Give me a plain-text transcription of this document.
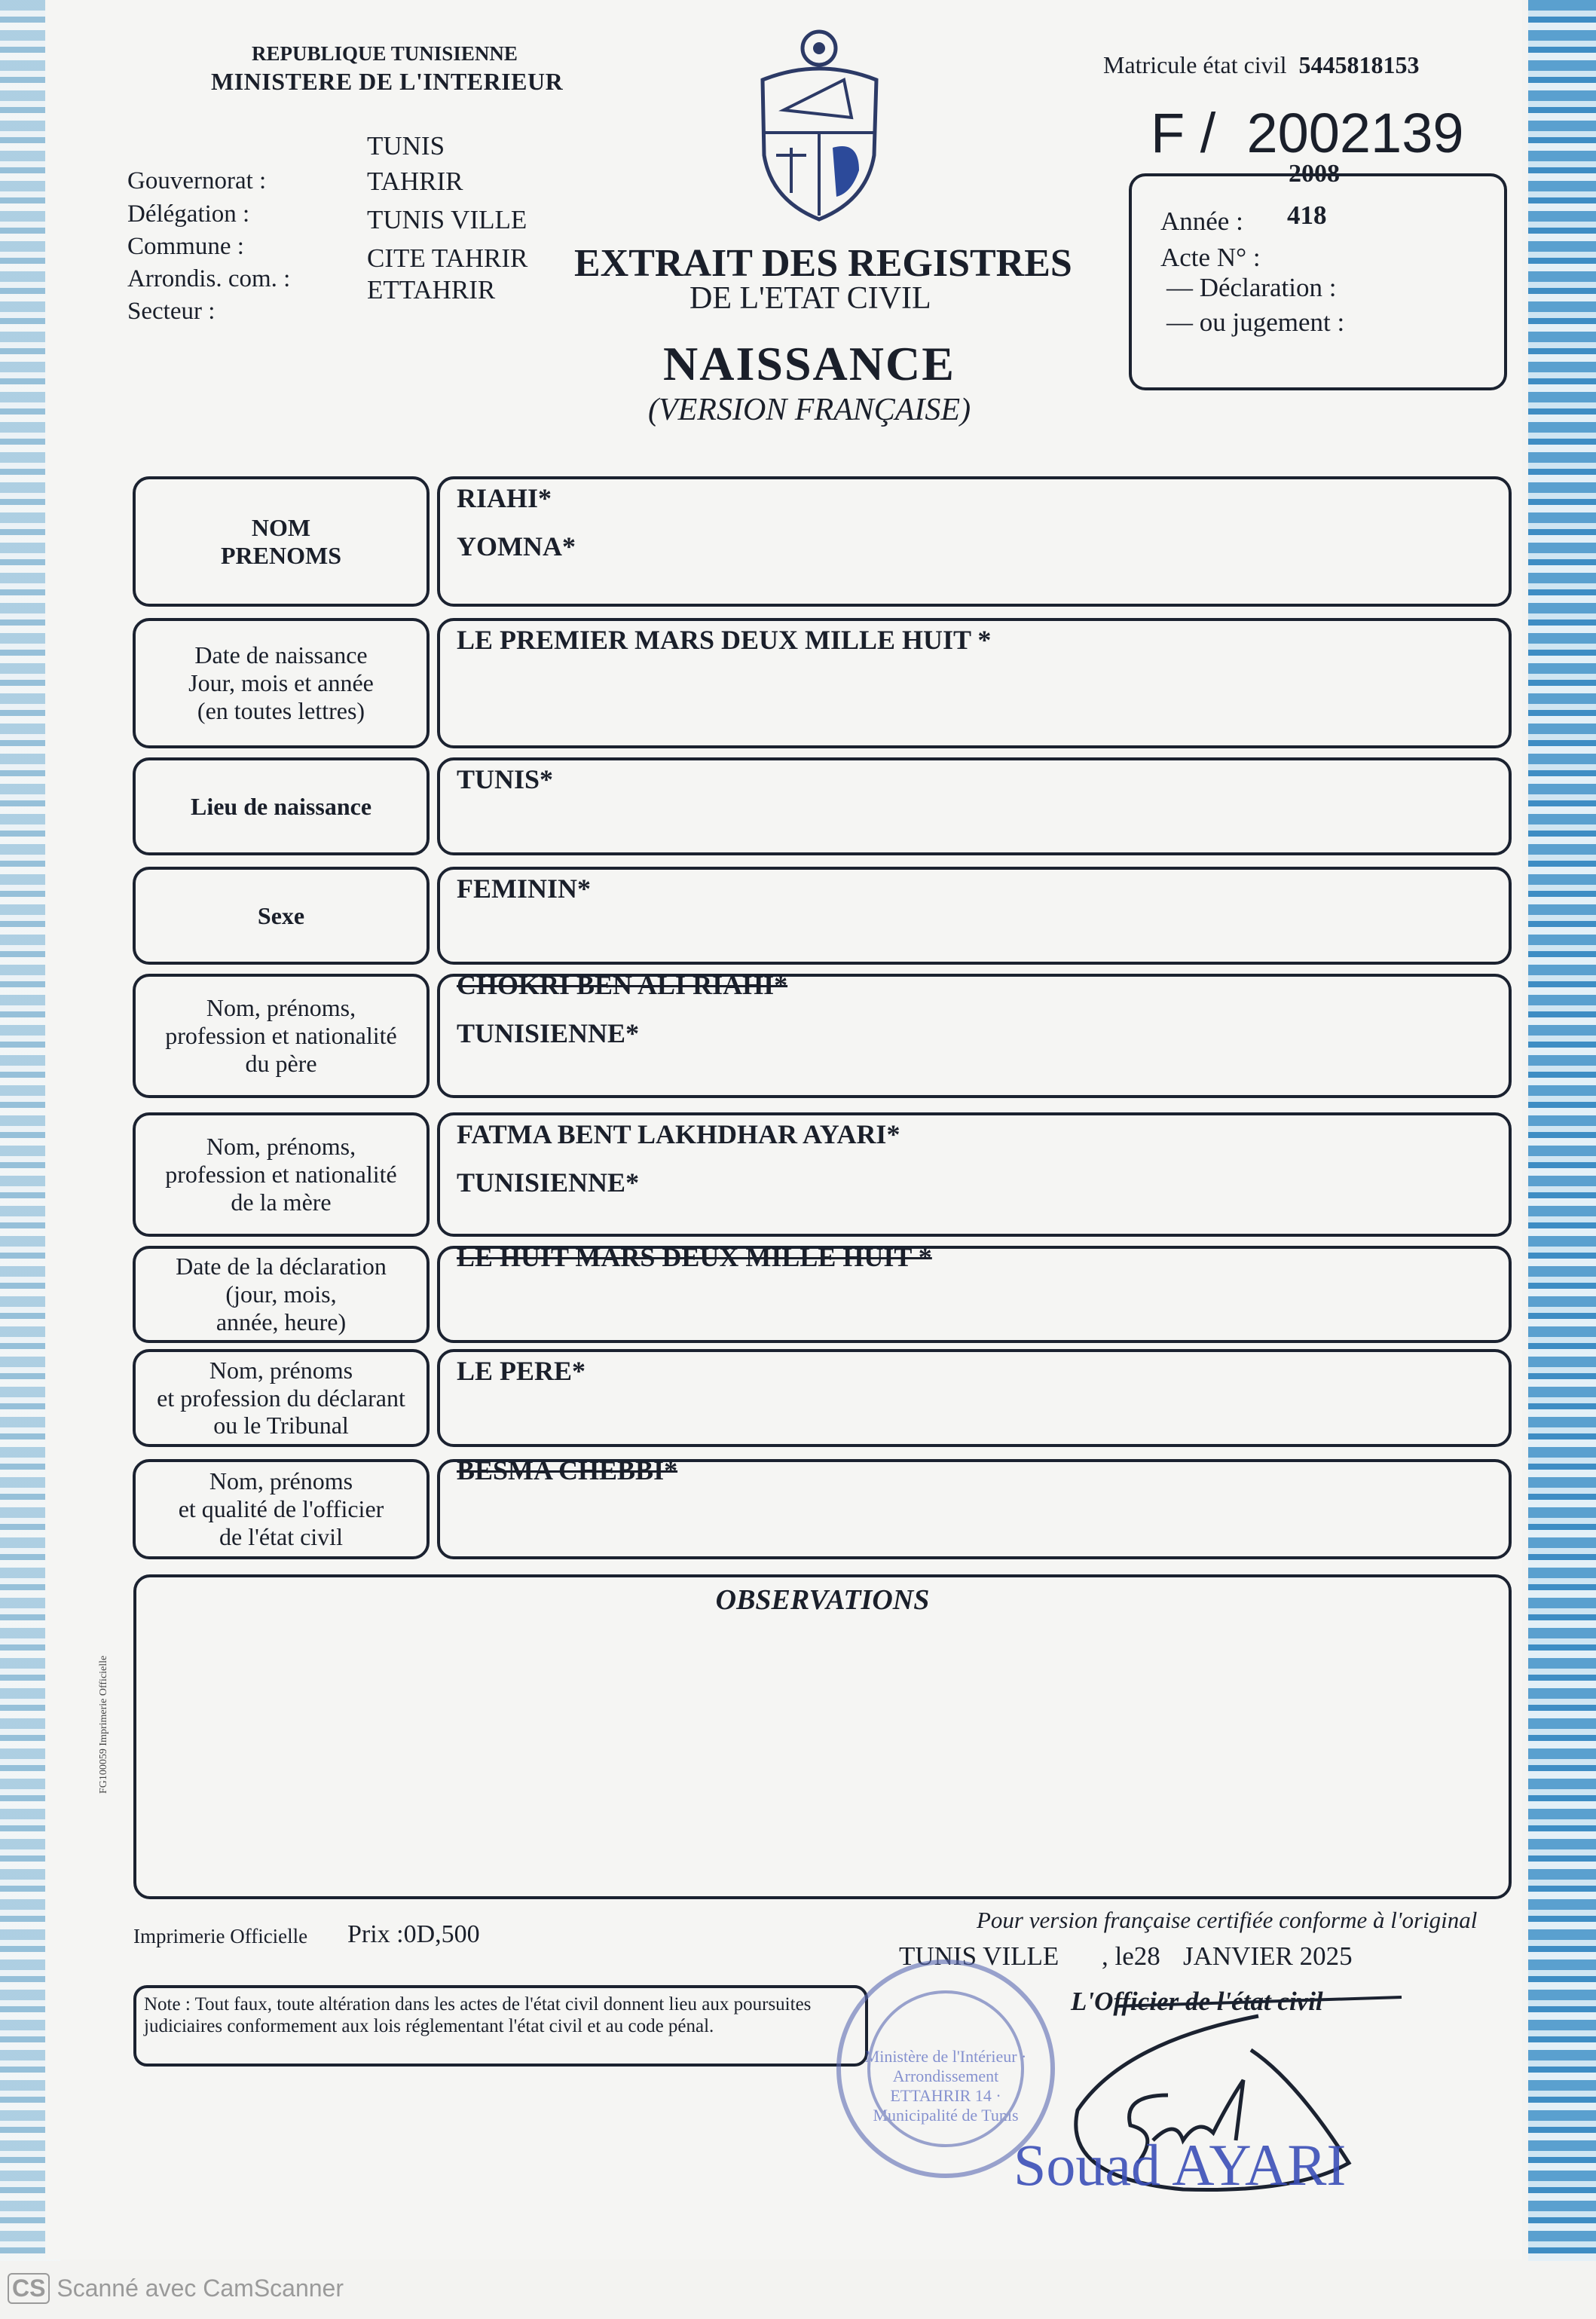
REPUBLIQUE TUNISIENNE
MINISTERE DE L'INTERIEUR
Gouvernorat :
Délégation :
Commune :
Arrondis. com. :
Secteur :
TUNIS
TAHRIR
TUNIS VILLE
CITE TAHRIR
ETTAHRIR
EXTRAIT DES REGISTRES
DE L'ETAT CIVIL
NAISSANCE
(VERSION FRANÇAISE)
Matricule état civil 5445818153
F /  2002139
2008
Année : 418
Acte N° :
— Déclaration :
— ou jugement :
NOM
PRENOMS
RIAHI*
YOMNA*
Date de naissance
Jour, mois et année
(en toutes lettres)
LE PREMIER MARS DEUX MILLE HUIT *
Lieu de naissance
TUNIS*
Sexe
FEMININ*
Nom, prénoms,
profession et nationalité
du père
CHOKRI BEN ALI RIAHI*
TUNISIENNE*
Nom, prénoms,
profession et nationalité
de la mère
FATMA BENT LAKHDHAR AYARI*
TUNISIENNE*
Date de la déclaration
(jour, mois,
année, heure)
LE HUIT MARS DEUX MILLE HUIT *
Nom, prénoms
et profession du déclarant
ou le Tribunal
LE PERE*
Nom, prénoms
et qualité de l'officier
de l'état civil
BESMA CHEBBI*
OBSERVATIONS
FG100059 Imprimerie Officielle
Imprimerie Officielle Prix :0D,500
Pour version française certifiée conforme à l'original
TUNIS VILLE , le28 JANVIER 2025
Note : Tout faux, toute altération dans les actes de l'état civil donnent lieu aux poursuites judiciaires conformement aux lois réglementant l'état civil et au code pénal.
Ministère de l'Intérieur · Arrondissement ETTAHRIR 14 · Municipalité de Tunis
L'Officier de l'état civil
Souad AYARI
CS Scanné avec CamScanner
